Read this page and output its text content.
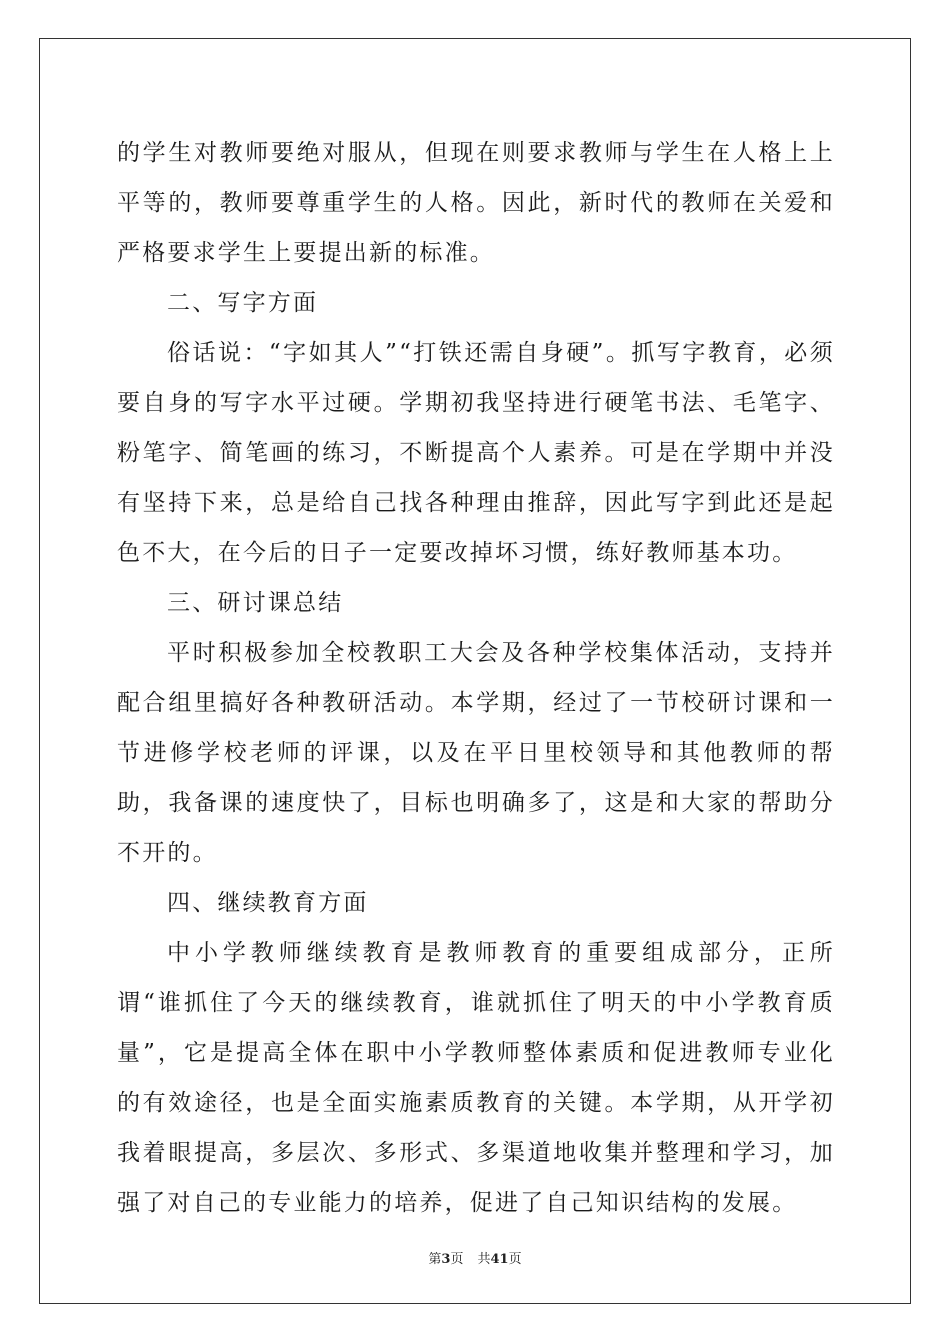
的学生对教师要绝对服从，但现在则要求教师与学生在人格上上平等的，教师要尊重学生的人格。因此，新时代的教师在关爱和严格要求学生上要提出新的标准。

二、写字方面

俗话说：“字如其人”“打铁还需自身硬”。抓写字教育，必须要自身的写字水平过硬。学期初我坚持进行硬笔书法、毛笔字、粉笔字、简笔画的练习，不断提高个人素养。可是在学期中并没有坚持下来，总是给自己找各种理由推辞，因此写字到此还是起色不大，在今后的日子一定要改掉坏习惯，练好教师基本功。

三、研讨课总结

平时积极参加全校教职工大会及各种学校集体活动，支持并配合组里搞好各种教研活动。本学期，经过了一节校研讨课和一节进修学校老师的评课，以及在平日里校领导和其他教师的帮助，我备课的速度快了，目标也明确多了，这是和大家的帮助分不开的。

四、继续教育方面

中小学教师继续教育是教师教育的重要组成部分，正所谓“谁抓住了今天的继续教育，谁就抓住了明天的中小学教育质量”，它是提高全体在职中小学教师整体素质和促进教师专业化的有效途径，也是全面实施素质教育的关键。本学期，从开学初我着眼提高，多层次、多形式、多渠道地收集并整理和学习，加强了对自己的专业能力的培养，促进了自己知识结构的发展。

第3页 共41页
